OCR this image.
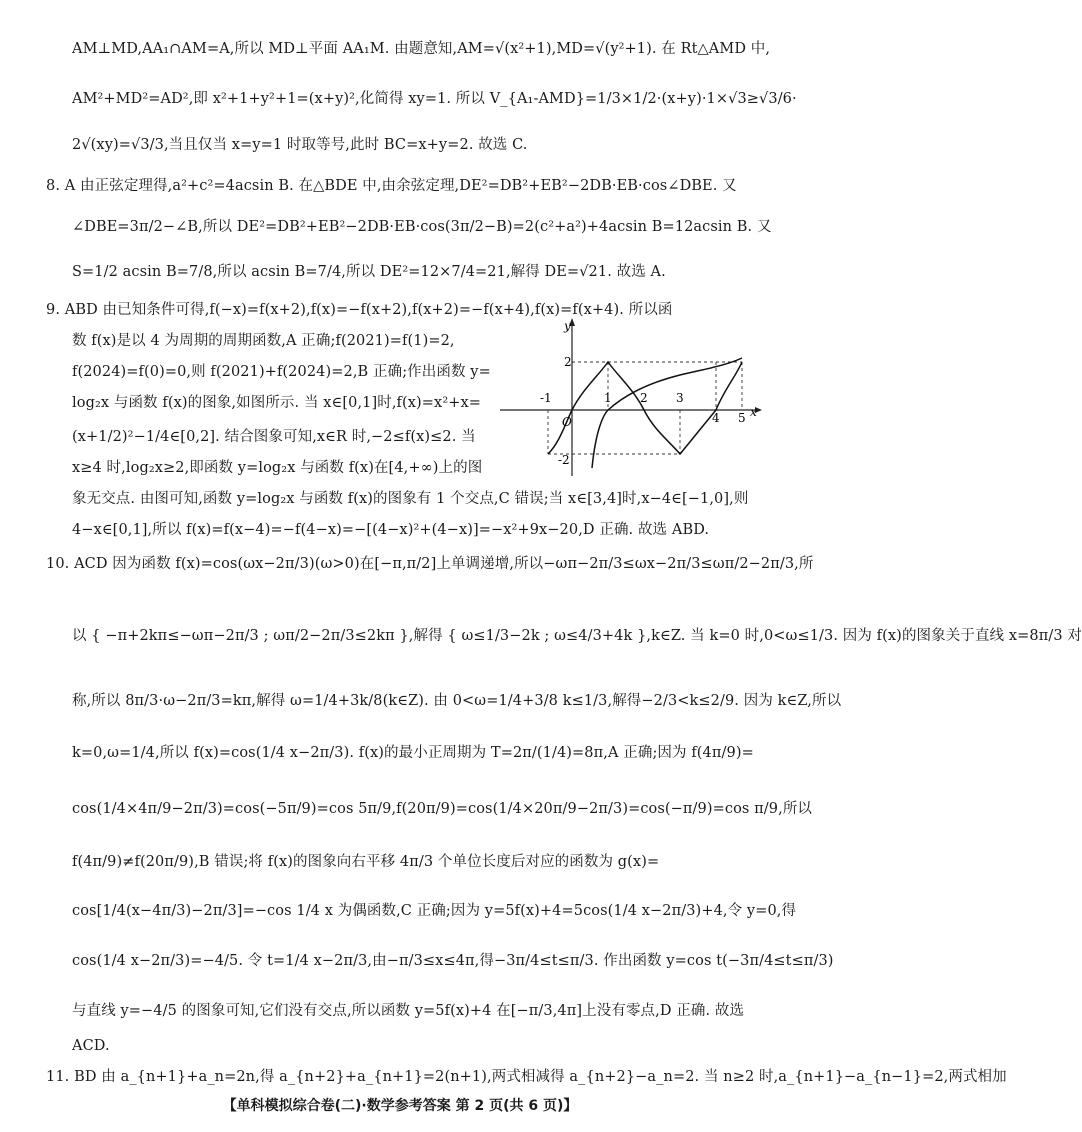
AM⊥MD,AA₁∩AM=A,所以 MD⊥平面 AA₁M. 由题意知,AM=√(x²+1),MD=√(y²+1). 在 Rt△AMD 中,
AM²+MD²=AD²,即 x²+1+y²+1=(x+y)²,化简得 xy=1. 所以 V_{A₁-AMD}=1/3×1/2·(x+y)·1×√3≥√3/6·
2√(xy)=√3/3,当且仅当 x=y=1 时取等号,此时 BC=x+y=2. 故选 C.
8. A 由正弦定理得,a²+c²=4acsin B. 在△BDE 中,由余弦定理,DE²=DB²+EB²−2DB·EB·cos∠DBE. 又
∠DBE=3π/2−∠B,所以 DE²=DB²+EB²−2DB·EB·cos(3π/2−B)=2(c²+a²)+4acsin B=12acsin B. 又
S=1/2 acsin B=7/8,所以 acsin B=7/4,所以 DE²=12×7/4=21,解得 DE=√21. 故选 A.
9. ABD 由已知条件可得,f(−x)=f(x+2),f(x)=−f(x+2),f(x+2)=−f(x+4),f(x)=f(x+4). 所以函
数 f(x)是以 4 为周期的周期函数,A 正确;f(2021)=f(1)=2,
f(2024)=f(0)=0,则 f(2021)+f(2024)=2,B 正确;作出函数 y=
log₂x 与函数 f(x)的图象,如图所示. 当 x∈[0,1]时,f(x)=x²+x=
(x+1/2)²−1/4∈[0,2]. 结合图象可知,x∈R 时,−2≤f(x)≤2. 当
x≥4 时,log₂x≥2,即函数 y=log₂x 与函数 f(x)在[4,+∞)上的图
象无交点. 由图可知,函数 y=log₂x 与函数 f(x)的图象有 1 个交点,C 错误;当 x∈[3,4]时,x−4∈[−1,0],则
4−x∈[0,1],所以 f(x)=f(x−4)=−f(4−x)=−[(4−x)²+(4−x)]=−x²+9x−20,D 正确. 故选 ABD.
x
y
2
-2
-1
O
1 2 3
4 5
10. ACD 因为函数 f(x)=cos(ωx−2π/3)(ω>0)在[−π,π/2]上单调递增,所以−ωπ−2π/3≤ωx−2π/3≤ωπ/2−2π/3,所
以 { −π+2kπ≤−ωπ−2π/3 ; ωπ/2−2π/3≤2kπ },解得 { ω≤1/3−2k ; ω≤4/3+4k },k∈Z. 当 k=0 时,0<ω≤1/3. 因为 f(x)的图象关于直线 x=8π/3 对
称,所以 8π/3·ω−2π/3=kπ,解得 ω=1/4+3k/8(k∈Z). 由 0<ω=1/4+3/8 k≤1/3,解得−2/3<k≤2/9. 因为 k∈Z,所以
k=0,ω=1/4,所以 f(x)=cos(1/4 x−2π/3). f(x)的最小正周期为 T=2π/(1/4)=8π,A 正确;因为 f(4π/9)=
cos(1/4×4π/9−2π/3)=cos(−5π/9)=cos 5π/9,f(20π/9)=cos(1/4×20π/9−2π/3)=cos(−π/9)=cos π/9,所以
f(4π/9)≠f(20π/9),B 错误;将 f(x)的图象向右平移 4π/3 个单位长度后对应的函数为 g(x)=
cos[1/4(x−4π/3)−2π/3]=−cos 1/4 x 为偶函数,C 正确;因为 y=5f(x)+4=5cos(1/4 x−2π/3)+4,令 y=0,得
cos(1/4 x−2π/3)=−4/5. 令 t=1/4 x−2π/3,由−π/3≤x≤4π,得−3π/4≤t≤π/3. 作出函数 y=cos t(−3π/4≤t≤π/3)
与直线 y=−4/5 的图象可知,它们没有交点,所以函数 y=5f(x)+4 在[−π/3,4π]上没有零点,D 正确. 故选
ACD.
11. BD 由 a_{n+1}+a_n=2n,得 a_{n+2}+a_{n+1}=2(n+1),两式相减得 a_{n+2}−a_n=2. 当 n≥2 时,a_{n+1}−a_{n−1}=2,两式相加
【单科模拟综合卷(二)·数学参考答案 第 2 页(共 6 页)】
